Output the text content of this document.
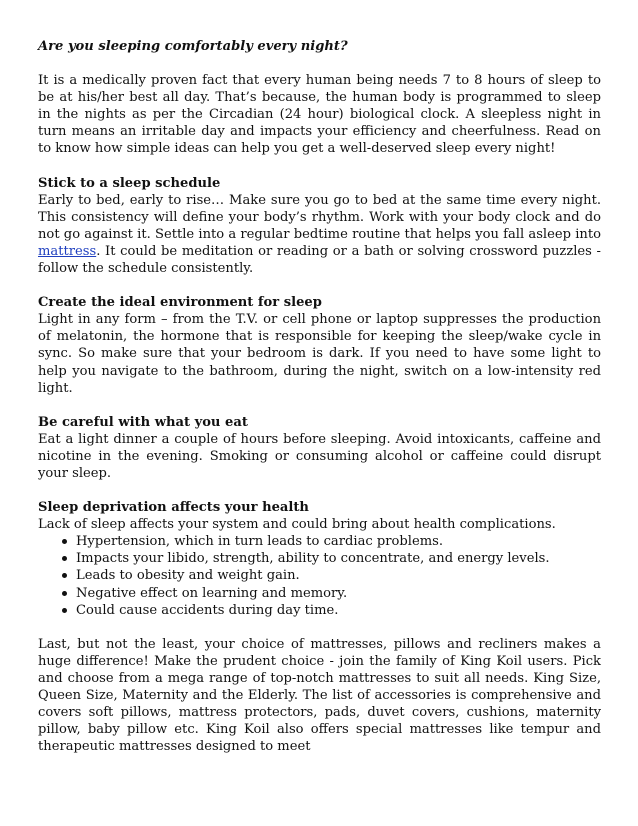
Are you sleeping comfortably every night?

It is a medically proven fact that every human being needs 7 to 8 hours of sleep to be at his/her best all day. That’s because, the human body is programmed to sleep in the nights as per the Circadian (24 hour) biological clock. A sleepless night in turn means an irritable day and impacts your efficiency and cheerfulness. Read on to know how simple ideas can help you get a well-deserved sleep every night!

Stick to a sleep schedule

Early to bed, early to rise… Make sure you go to bed at the same time every night. This consistency will define your body’s rhythm. Work with your body clock and do not go against it. Settle into a regular bedtime routine that helps you fall asleep into mattress. It could be meditation or reading or a bath or solving crossword puzzles - follow the schedule consistently.

Create the ideal environment for sleep

Light in any form – from the T.V. or cell phone or laptop suppresses the production of melatonin, the hormone that is responsible for keeping the sleep/wake cycle in sync. So make sure that your bedroom is dark. If you need to have some light to help you navigate to the bathroom, during the night, switch on a low-intensity red light.

Be careful with what you eat

Eat a light dinner a couple of hours before sleeping. Avoid intoxicants, caffeine and nicotine in the evening. Smoking or consuming alcohol or caffeine could disrupt your sleep.

Sleep deprivation affects your health

Lack of sleep affects your system and could bring about health complications.

Hypertension, which in turn leads to cardiac problems.
Impacts your libido, strength, ability to concentrate, and energy levels.
Leads to obesity and weight gain.
Negative effect on learning and memory.
Could cause accidents during day time.

Last, but not the least, your choice of mattresses, pillows and recliners makes a huge difference! Make the prudent choice - join the family of King Koil users. Pick and choose from a mega range of top-notch mattresses to suit all needs. King Size, Queen Size, Maternity and the Elderly. The list of accessories is comprehensive and covers soft pillows, mattress protectors, pads, duvet covers, cushions, maternity pillow, baby pillow etc. King Koil also offers special mattresses like tempur and therapeutic mattresses designed to meet
